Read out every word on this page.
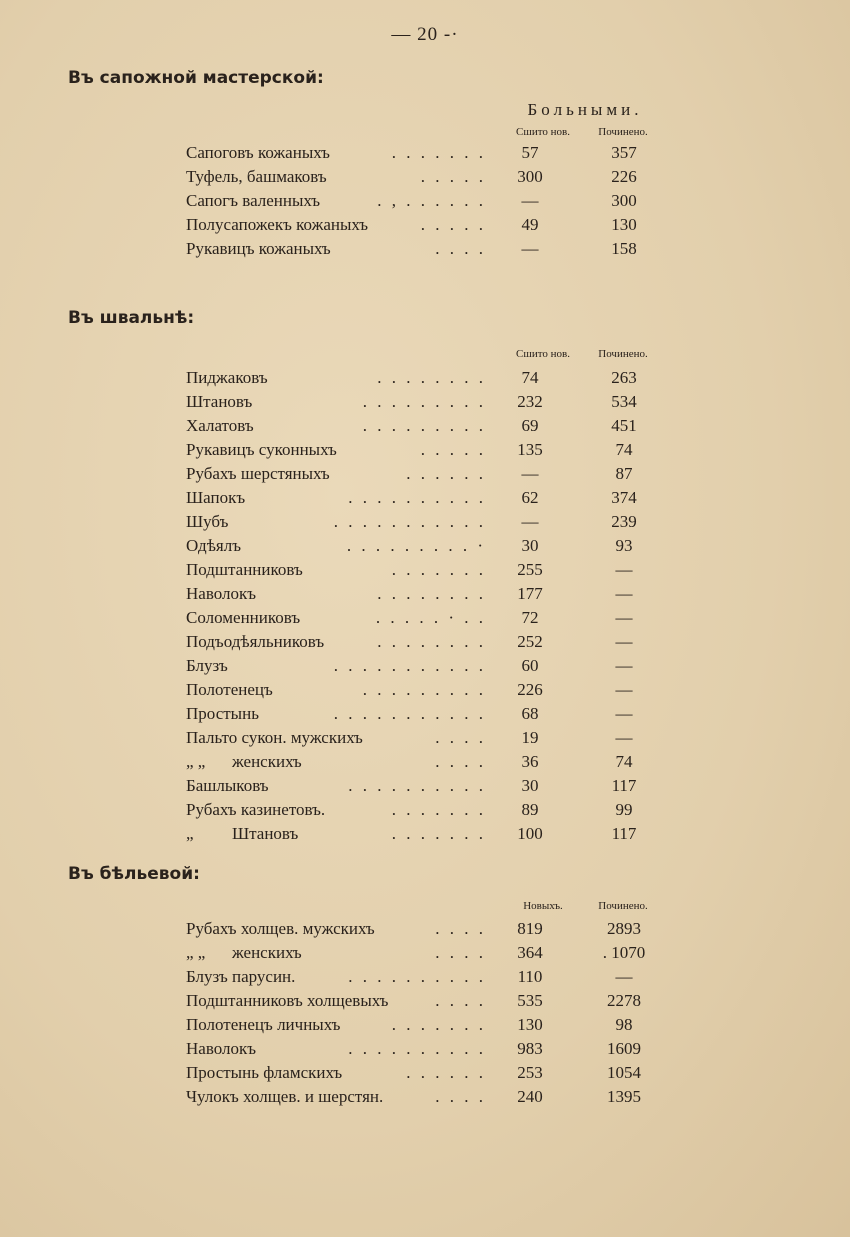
— 20 -·
Въ сапожной мастерской:
Больными.
Сшито нов.	Починено.
Сапоговъ кожаныхъ	. . . . . . .	57	357
Туфель, башмаковъ	. . . . .	300	226
Сапогъ валенныхъ	. , . . . . . .	—	300
Полусапожекъ кожаныхъ	. . . . .	49	130
Рукавицъ кожаныхъ	. . . .	—	158
Въ швальнѣ:
Сшито нов.	Починено.
Пиджаковъ	. . . . . . . .	74	263
Штановъ	. . . . . . . . .	232	534
Халатовъ	. . . . . . . . .	69	451
Рукавицъ суконныхъ	. . . . .	135	74
Рубахъ шерстяныхъ	. . . . . .	—	87
Шапокъ	. . . . . . . . . .	62	374
Шубъ	. . . . . . . . . . .	—	239
Одѣялъ	. . . . . . . . . ·	30	93
Подштанниковъ	. . . . . . .	255	—
Наволокъ	. . . . . . . .	177	—
Соломенниковъ	. . . . . · . .	72	—
Подъодѣяльниковъ	. . . . . . . .	252	—
Блузъ	. . . . . . . . . . .	60	—
Полотенецъ	. . . . . . . . .	226	—
Простынь	. . . . . . . . . . .	68	—
Пальто сукон. мужскихъ	. . . .	19	—
„ „ женскихъ	. . . .	36	74
Башлыковъ	. . . . . . . . . .	30	117
Рубахъ казинетовъ.	. . . . . . .	89	99
„ Штановъ	. . . . . . .	100	117
Въ бѣльевой:
Новыхъ.	Починено.
Рубахъ холщев. мужскихъ	. . . .	819	2893
„ „ женскихъ	. . . .	364	. 1070
Блузъ парусин.	. . . . . . . . . .	110	—
Подштанниковъ холщевыхъ	. . . .	535	2278
Полотенецъ личныхъ	. . . . . . .	130	98
Наволокъ	. . . . . . . . . .	983	1609
Простынь фламскихъ	. . . . . .	253	1054
Чулокъ холщев. и шерстян.	. . . .	240	1395
